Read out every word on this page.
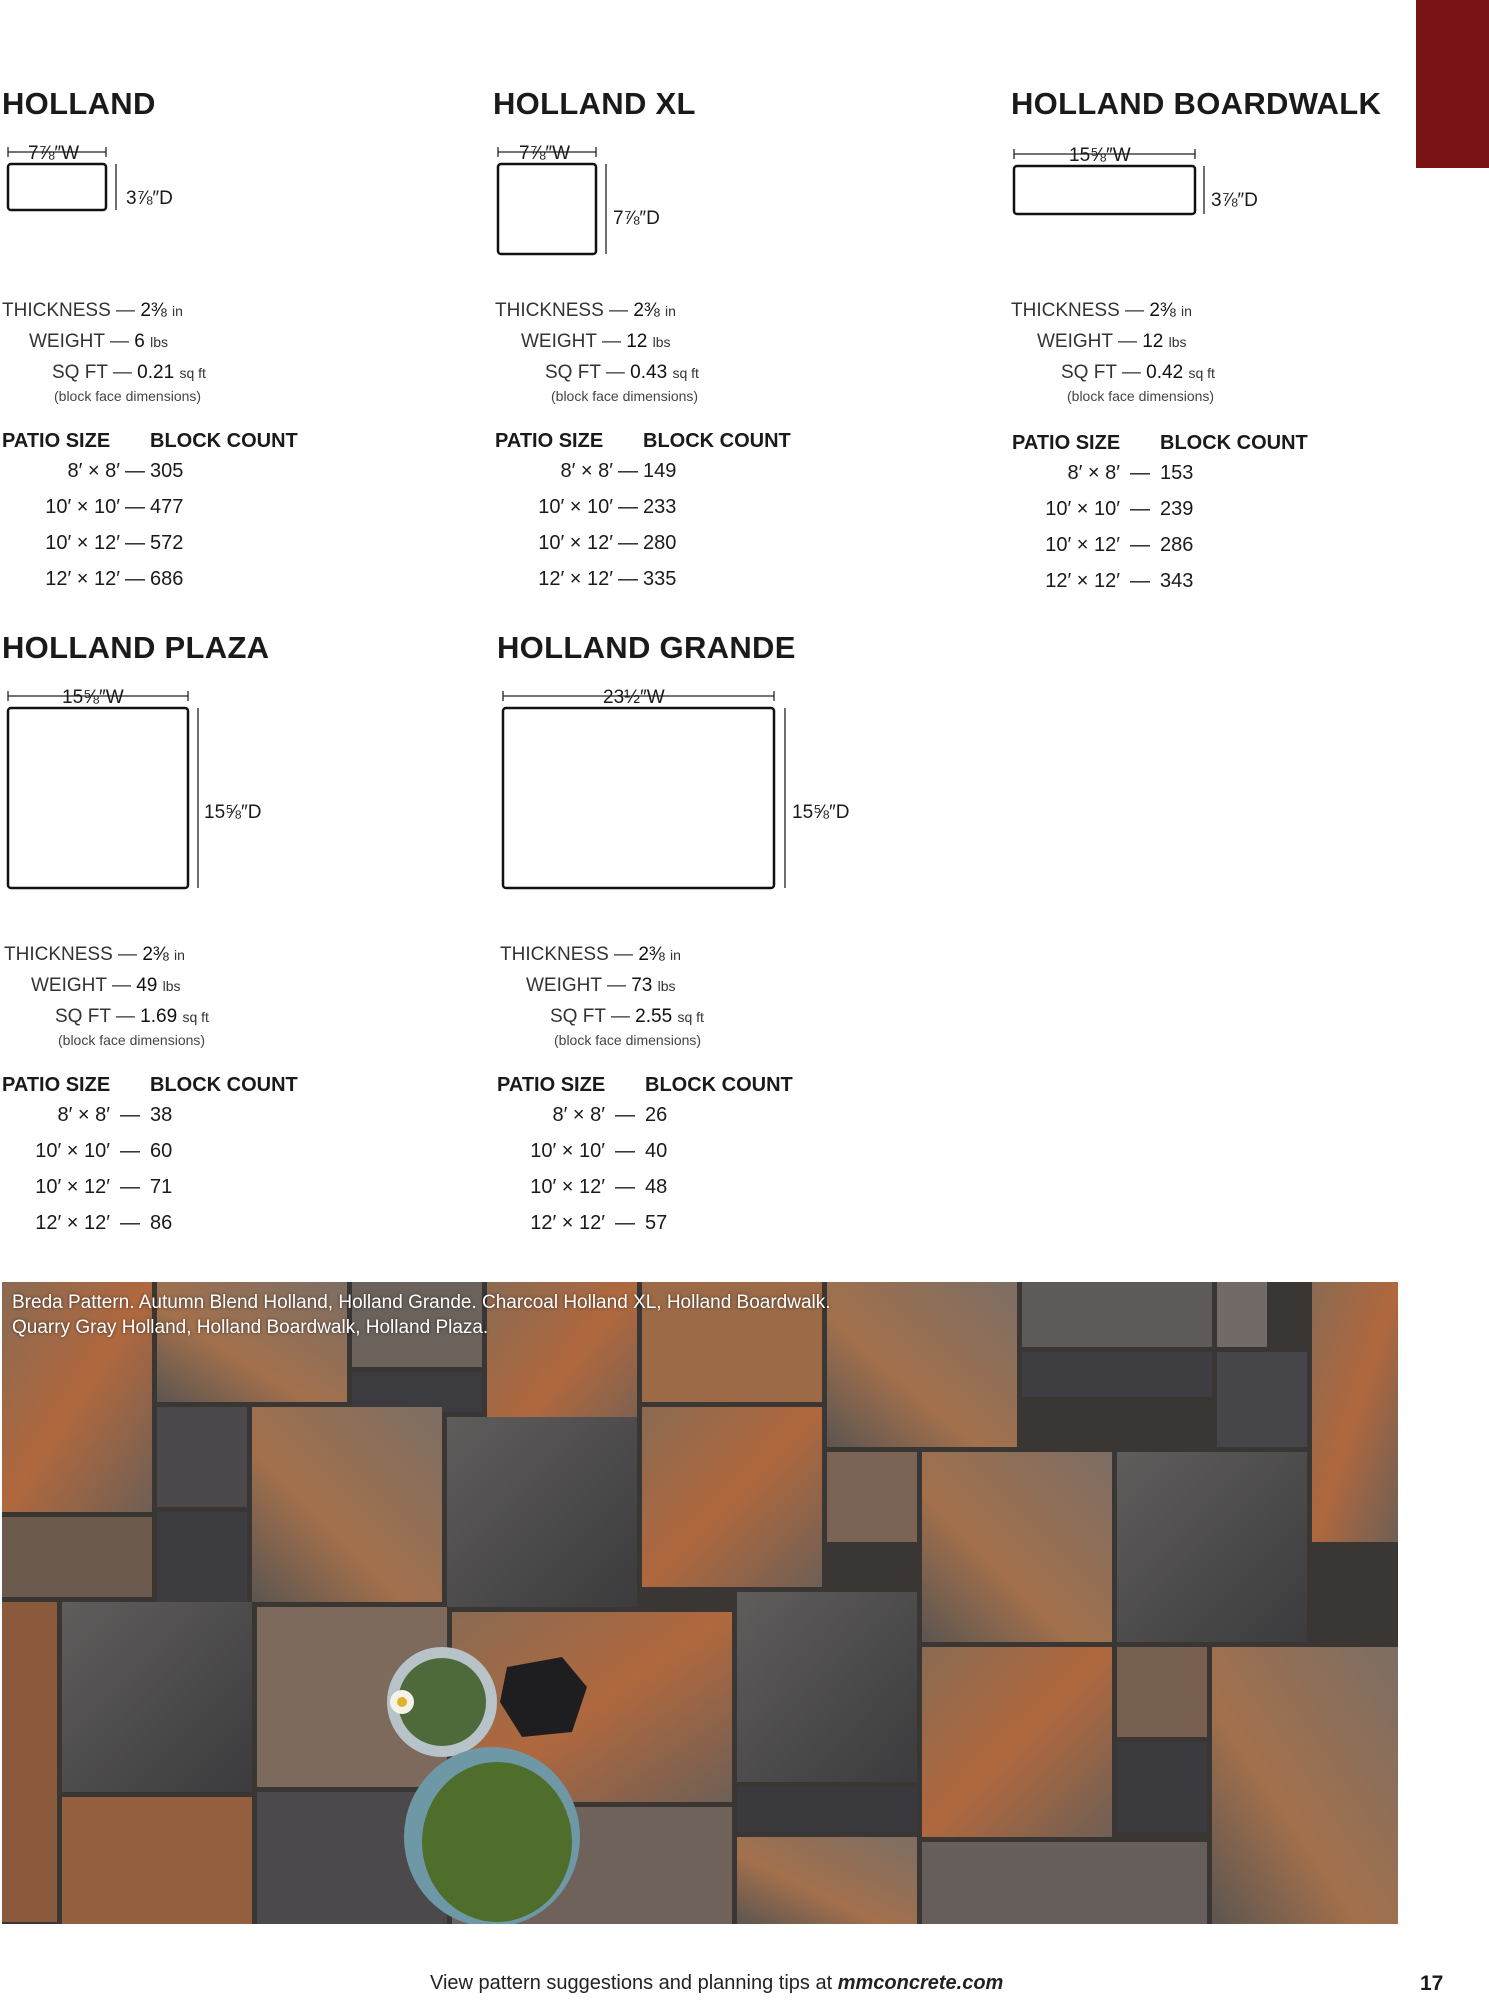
HOLLAND
7⅞″W
3⅞″D
THICKNESS — 2⅜ in
WEIGHT — 6 lbs
SQ FT — 0.21 sq ft
(block face dimensions)
PATIO SIZE BLOCK COUNT
8′ × 8′ — 305
10′ × 10′ — 477
10′ × 12′ — 572
12′ × 12′ — 686
HOLLAND XL
7⅞″W
7⅞″D
THICKNESS — 2⅜ in
WEIGHT — 12 lbs
SQ FT — 0.43 sq ft
(block face dimensions)
PATIO SIZE BLOCK COUNT
8′ × 8′ — 149
10′ × 10′ — 233
10′ × 12′ — 280
12′ × 12′ — 335
HOLLAND BOARDWALK
15⅝″W
3⅞″D
THICKNESS — 2⅜ in
WEIGHT — 12 lbs
SQ FT — 0.42 sq ft
(block face dimensions)
PATIO SIZE BLOCK COUNT
8′ × 8′ — 153
10′ × 10′ — 239
10′ × 12′ — 286
12′ × 12′ — 343
HOLLAND PLAZA
15⅝″W
15⅝″D
THICKNESS — 2⅜ in
WEIGHT — 49 lbs
SQ FT — 1.69 sq ft
(block face dimensions)
PATIO SIZE BLOCK COUNT
8′ × 8′ — 38
10′ × 10′ — 60
10′ × 12′ — 71
12′ × 12′ — 86
HOLLAND GRANDE
23½″W
15⅝″D
THICKNESS — 2⅜ in
WEIGHT — 73 lbs
SQ FT — 2.55 sq ft
(block face dimensions)
PATIO SIZE BLOCK COUNT
8′ × 8′ — 26
10′ × 10′ — 40
10′ × 12′ — 48
12′ × 12′ — 57
Breda Pattern. Autumn Blend Holland, Holland Grande. Charcoal Holland XL, Holland Boardwalk.
Quarry Gray Holland, Holland Boardwalk, Holland Plaza.
View pattern suggestions and planning tips at mmconcrete.com	17
